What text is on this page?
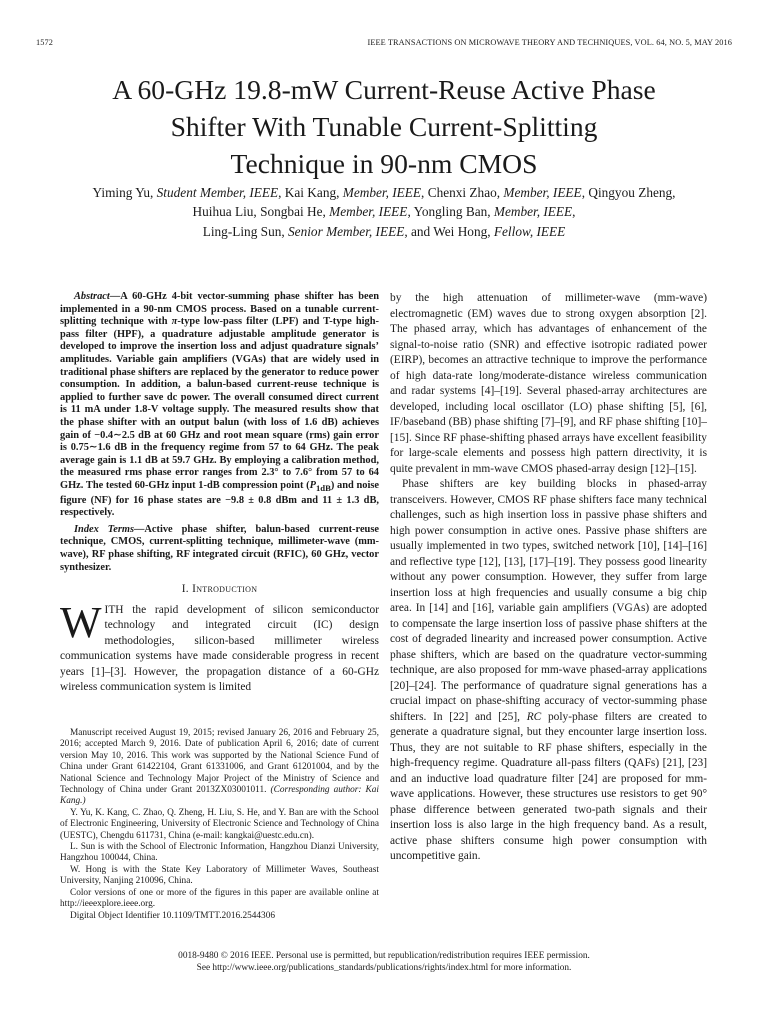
1572	IEEE TRANSACTIONS ON MICROWAVE THEORY AND TECHNIQUES, VOL. 64, NO. 5, MAY 2016
A 60-GHz 19.8-mW Current-Reuse Active Phase
Shifter With Tunable Current-Splitting
Technique in 90-nm CMOS
Yiming Yu, Student Member, IEEE, Kai Kang, Member, IEEE, Chenxi Zhao, Member, IEEE, Qingyou Zheng,
Huihua Liu, Songbai He, Member, IEEE, Yongling Ban, Member, IEEE,
Ling-Ling Sun, Senior Member, IEEE, and Wei Hong, Fellow, IEEE

Abstract—A 60-GHz 4-bit vector-summing phase shifter has been implemented in a 90-nm CMOS process. Based on a tunable current-splitting technique with π-type low-pass filter (LPF) and T-type high-pass filter (HPF), a quadrature adjustable amplitude generator is developed to improve the insertion loss and adjust quadrature signals’ amplitudes. Variable gain amplifiers (VGAs) that are widely used in traditional phase shifters are replaced by the generator to reduce power consumption. In addition, a balun-based current-reuse technique is applied to further save dc power. The overall consumed direct current is 11 mA under 1.8-V voltage supply. The measured results show that the phase shifter with an output balun (with loss of 1.6 dB) achieves gain of −0.4∼2.5 dB at 60 GHz and root mean square (rms) gain error is 0.75∼1.6 dB in the frequency regime from 57 to 64 GHz. The peak average gain is 1.1 dB at 59.7 GHz. By employing a calibration method, the measured rms phase error ranges from 2.3° to 7.6° from 57 to 64 GHz. The tested 60-GHz input 1-dB compression point $(P_{1dB})$ and noise figure (NF) for 16 phase states are −9.8 ± 0.8 dBm and 11 ± 1.3 dB, respectively.

Index Terms—Active phase shifter, balun-based current-reuse technique, CMOS, current-splitting technique, millimeter-wave (mm-wave), RF phase shifting, RF integrated circuit (RFIC), 60 GHz, vector synthesizer.

I. Introduction

WITH the rapid development of silicon semiconductor technology and integrated circuit (IC) design methodologies, silicon-based millimeter wireless communication systems have made considerable progress in recent years [1]–[3]. However, the propagation distance of a 60-GHz wireless communication system is limited

Manuscript received August 19, 2015; revised January 26, 2016 and February 25, 2016; accepted March 9, 2016. Date of publication April 6, 2016; date of current version May 10, 2016. This work was supported by the National Science Fund of China under Grant 61422104, Grant 61331006, and Grant 61201004, and by the National Science and Technology Major Project of the Ministry of Science and Technology of China under Grant 2013ZX03001011. (Corresponding author: Kai Kang.)

Y. Yu, K. Kang, C. Zhao, Q. Zheng, H. Liu, S. He, and Y. Ban are with the School of Electronic Engineering, University of Electronic Science and Technology of China (UESTC), Chengdu 611731, China (e-mail: kangkai@uestc.edu.cn).

L. Sun is with the School of Electronic Information, Hangzhou Dianzi University, Hangzhou 100044, China.

W. Hong is with the State Key Laboratory of Millimeter Waves, Southeast University, Nanjing 210096, China.

Color versions of one or more of the figures in this paper are available online at http://ieeexplore.ieee.org.

Digital Object Identifier 10.1109/TMTT.2016.2544306

by the high attenuation of millimeter-wave (mm-wave) electromagnetic (EM) waves due to strong oxygen absorption [2]. The phased array, which has advantages of enhancement of the signal-to-noise ratio (SNR) and effective isotropic radiated power (EIRP), becomes an attractive technique to improve the performance of high data-rate long/moderate-distance wireless communication and radar systems [4]–[19]. Several phased-array architectures are developed, including local oscillator (LO) phase shifting [5], [6], IF/baseband (BB) phase shifting [7]–[9], and RF phase shifting [10]–[15]. Since RF phase-shifting phased arrays have excellent feasibility for large-scale elements and possess high pattern directivity, it is quite prevalent in mm-wave CMOS phased-array design [12]–[15].

Phase shifters are key building blocks in phased-array transceivers. However, CMOS RF phase shifters face many technical challenges, such as high insertion loss in passive phase shifters and high power consumption in active ones. Passive phase shifters are usually implemented in two types, switched network [10], [14]–[16] and reflective type [12], [13], [17]–[19]. They possess good linearity without any power consumption. However, they suffer from large insertion loss at high frequencies and usually consume a big chip area. In [14] and [16], variable gain amplifiers (VGAs) are adopted to compensate the large insertion loss of passive phase shifters at the cost of degraded linearity and increased power consumption. Active phase shifters, which are based on the quadrature vector-summing technique, are also proposed for mm-wave phased-array applications [20]–[24]. The performance of quadrature signal generations has a crucial impact on phase-shifting accuracy of vector-summing phase shifters. In [22] and [25], RC poly-phase filters are created to generate a quadrature signal, but they encounter large insertion loss. Thus, they are not suitable to RF phase shifters, especially in the high-frequency regime. Quadrature all-pass filters (QAFs) [21], [23] and an inductive load quadrature filter [24] are proposed for mm-wave applications. However, these structures use resistors to get 90° phase difference between generated two-path signals and their insertion loss is also large in the high frequency band. As a result, active phase shifters consume high power consumption with uncompetitive gain.

0018-9480 © 2016 IEEE. Personal use is permitted, but republication/redistribution requires IEEE permission.
See http://www.ieee.org/publications_standards/publications/rights/index.html for more information.
